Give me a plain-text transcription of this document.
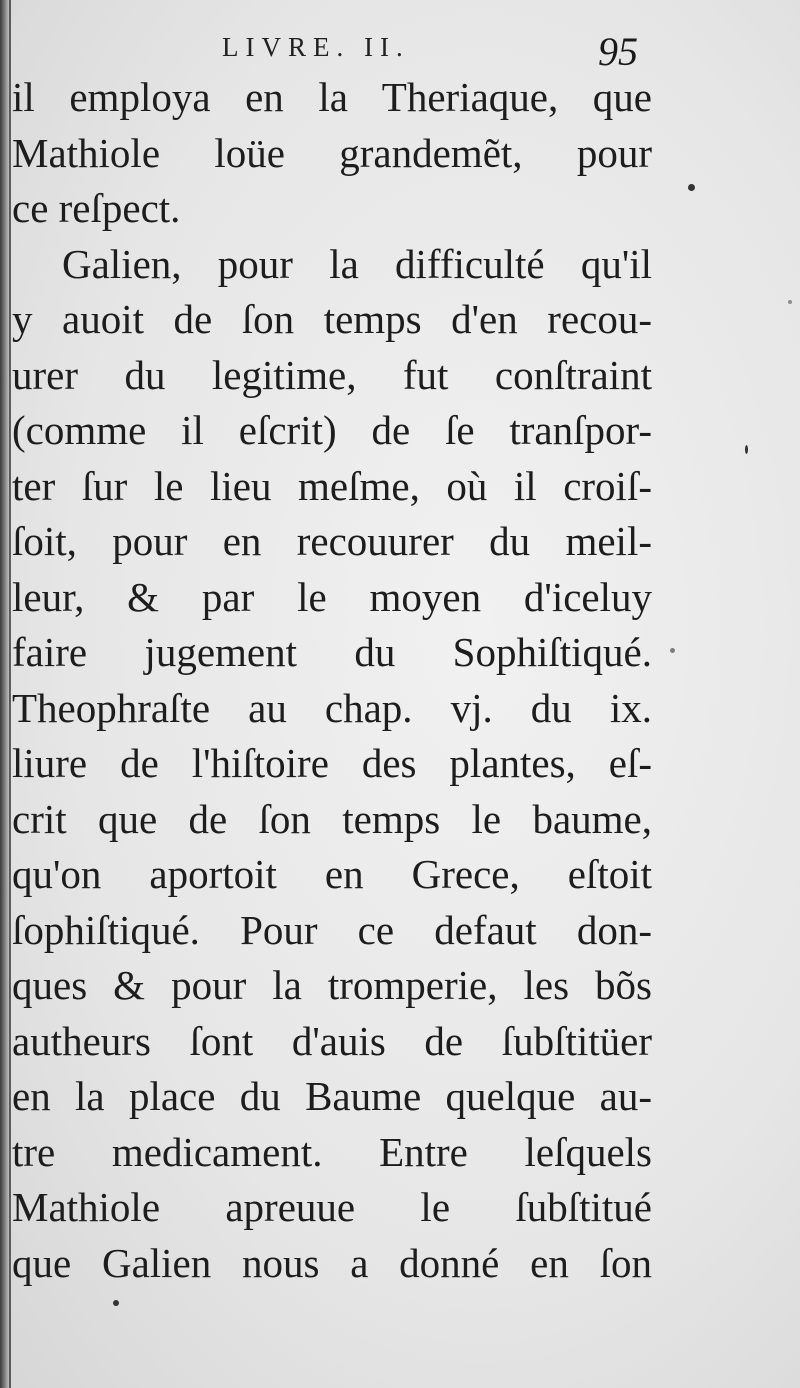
LIVRE. II.	95
il employa en la Theriaque, que
Mathiole loüe grandemẽt, pour
ce reſpect.
Galien, pour la difficulté qu'il
y auoit de ſon temps d'en recou-
urer du legitime, fut conſtraint
(comme il eſcrit) de ſe tranſpor-
ter ſur le lieu meſme, où il croiſ-
ſoit, pour en recouurer du meil-
leur, & par le moyen d'iceluy
faire jugement du Sophiſtiqué.
Theophraſte au chap. vj. du ix.
liure de l'hiſtoire des plantes, eſ-
crit que de ſon temps le baume,
qu'on aportoit en Grece, eſtoit
ſophiſtiqué. Pour ce defaut don-
ques & pour la tromperie, les bõs
autheurs ſont d'auis de ſubſtitüer
en la place du Baume quelque au-
tre medicament. Entre leſquels
Mathiole apreuue le ſubſtitué
que Galien nous a donné en ſon
